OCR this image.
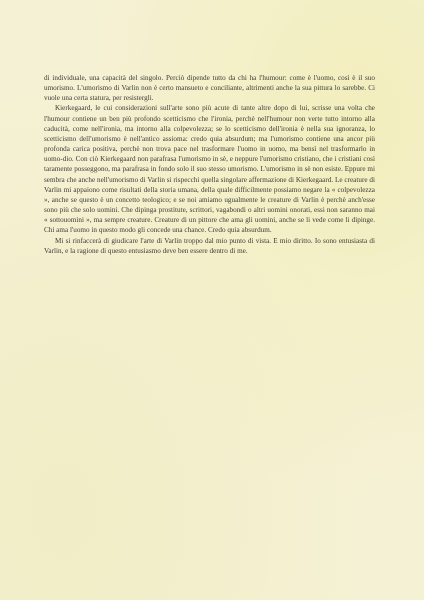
di individuale, una capacità del singolo. Perciò dipende tutto da chi ha l'humour: come è l'uomo, così è il suo umorismo. L'umorismo di Varlin non è certo mansueto e conciliante, altrimenti anche la sua pittura lo sarebbe. Ci vuole una certa statura, per resistergli.

Kierkegaard, le cui considerazioni sull'arte sono più acute di tante altre dopo di lui, scrisse una volta che l'humour contiene un ben più profondo scetticismo che l'ironia, perchè nell'humour non verte tutto intorno alla caducità, come nell'ironia, ma intorno alla colpevolezza; se lo scetticismo dell'ironia è nella sua ignoranza, lo scetticismo dell'umorismo è nell'antico assioma: credo quia absurdum; ma l'umorismo contiene una ancor più profonda carica positiva, perchè non trova pace nel trasformare l'uomo in uomo, ma bensì nel trasformarlo in uomo-dio. Con ciò Kierkegaard non parafrasa l'umorismo in sè, e neppure l'umorismo cristiano, che i cristiani così taramente posseggono, ma parafrasa in fondo solo il suo stesso umorismo. L'umorismo in sè non esiste. Eppure mi sembra che anche nell'umorismo di Varlin si rispecchi quella singolare affermazione di Kierkegaard. Le creature di Varlin mi appaiono come risultati della storia umana, della quale difficilmente possiamo negare la « colpevolezza », anche se questo è un concetto teologico; e se noi amiamo ugualmente le creature di Varlin è perchè anch'esse sono più che solo uomini. Che dipinga prostitute, scrittori, vagabondi o altri uomini onorati, essi non saranno mai « sottouomini », ma sempre creature. Creature di un pittore che ama gli uomini, anche se li vede come li dipinge. Chi ama l'uomo in questo modo gli concede una chance. Credo quia absurdum.

Mi si rinfaccerà di giudicare l'arte di Varlin troppo dal mio punto di vista. E mio diritto. Io sono entusiasta di Varlin, e la ragione di questo entusiasmo deve ben essere dentro di me.
